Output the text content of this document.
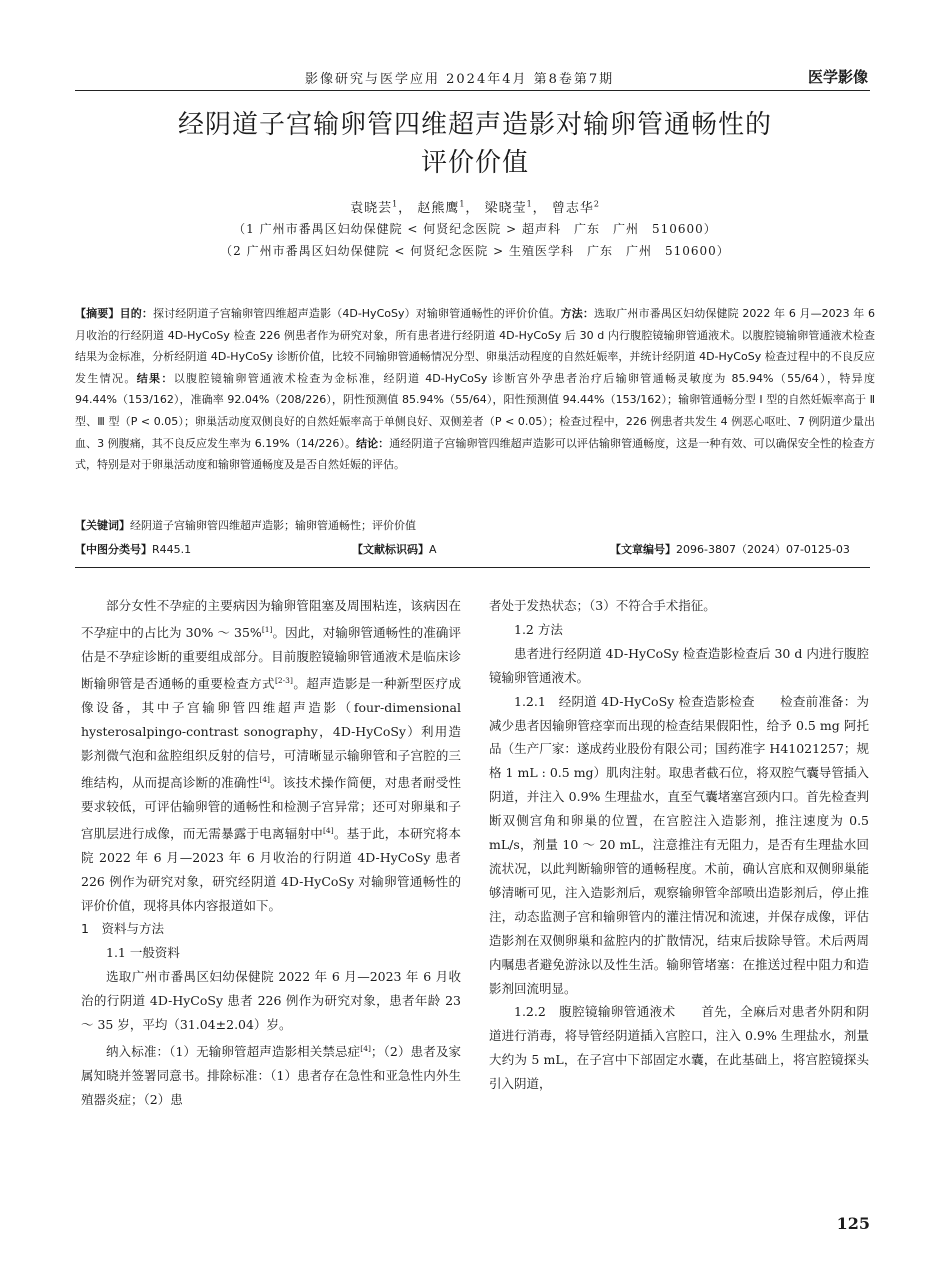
影像研究与医学应用 2024年4月 第8卷第7期	医学影像
经阴道子宫输卵管四维超声造影对输卵管通畅性的
评价价值
袁晓芸$^1$， 赵熊鹰$^1$， 梁晓莹$^1$， 曾志华$^2$
（1 广州市番禺区妇幼保健院 < 何贤纪念医院 > 超声科　广东　广州　510600）
（2 广州市番禺区妇幼保健院 < 何贤纪念医院 > 生殖医学科　广东　广州　510600）
【摘要】目的：探讨经阴道子宫输卵管四维超声造影（4D-HyCoSy）对输卵管通畅性的评价价值。方法：选取广州市番禺区妇幼保健院 2022 年 6 月—2023 年 6 月收治的行经阴道 4D-HyCoSy 检查 226 例患者作为研究对象，所有患者进行经阴道 4D-HyCoSy 后 30 d 内行腹腔镜输卵管通液术。以腹腔镜输卵管通液术检查结果为金标准，分析经阴道 4D-HyCoSy 诊断价值，比较不同输卵管通畅情况分型、卵巢活动程度的自然妊娠率，并统计经阴道 4D-HyCoSy 检查过程中的不良反应发生情况。结果：以腹腔镜输卵管通液术检查为金标准，经阴道 4D-HyCoSy 诊断宫外孕患者治疗后输卵管通畅灵敏度为 85.94%（55/64），特异度 94.44%（153/162），准确率 92.04%（208/226），阴性预测值 85.94%（55/64），阳性预测值 94.44%（153/162）；输卵管通畅分型 Ⅰ 型的自然妊娠率高于 Ⅱ 型、Ⅲ 型（P < 0.05）；卵巢活动度双侧良好的自然妊娠率高于单侧良好、双侧差者（P < 0.05）；检查过程中，226 例患者共发生 4 例恶心呕吐、7 例阴道少量出血、3 例腹痛，其不良反应发生率为 6.19%（14/226）。结论：通经阴道子宫输卵管四维超声造影可以评估输卵管通畅度，这是一种有效、可以确保安全性的检查方式，特别是对于卵巢活动度和输卵管通畅度及是否自然妊娠的评估。
【关键词】经阴道子宫输卵管四维超声造影；输卵管通畅性；评价价值
【中图分类号】R445.1	【文献标识码】A	【文章编号】2096-3807（2024）07-0125-03

部分女性不孕症的主要病因为输卵管阻塞及周围粘连，该病因在不孕症中的占比为 30% ～ 35%[1]。因此，对输卵管通畅性的准确评估是不孕症诊断的重要组成部分。目前腹腔镜输卵管通液术是临床诊断输卵管是否通畅的重要检查方式[2-3]。超声造影是一种新型医疗成像设备，其中子宫输卵管四维超声造影（four-dimensional hysterosalpingo-contrast sonography，4D-HyCoSy）利用造影剂微气泡和盆腔组织反射的信号，可清晰显示输卵管和子宫腔的三维结构，从而提高诊断的准确性[4]。该技术操作简便，对患者耐受性要求较低，可评估输卵管的通畅性和检测子宫异常；还可对卵巢和子宫肌层进行成像，而无需暴露于电离辐射中[4]。基于此，本研究将本院 2022 年 6 月—2023 年 6 月收治的行阴道 4D-HyCoSy 患者 226 例作为研究对象，研究经阴道 4D-HyCoSy 对输卵管通畅性的评价价值，现将具体内容报道如下。

1　资料与方法
1.1 一般资料

选取广州市番禺区妇幼保健院 2022 年 6 月—2023 年 6 月收治的行阴道 4D-HyCoSy 患者 226 例作为研究对象，患者年龄 23 ～ 35 岁，平均（31.04±2.04）岁。

纳入标准：（1）无输卵管超声造影相关禁忌症[4]；（2）患者及家属知晓并签署同意书。排除标准：（1）患者存在急性和亚急性内外生殖器炎症；（2）患

者处于发热状态；（3）不符合手术指征。

1.2 方法

患者进行经阴道 4D-HyCoSy 检查造影检查后 30 d 内进行腹腔镜输卵管通液术。

1.2.1　经阴道 4D-HyCoSy 检查造影检查　　检查前准备：为减少患者因输卵管痉挛而出现的检查结果假阳性，给予 0.5 mg 阿托品（生产厂家：遂成药业股份有限公司；国药准字 H41021257；规格 1 mL : 0.5 mg）肌肉注射。取患者截石位，将双腔气囊导管插入阴道，并注入 0.9% 生理盐水，直至气囊堵塞宫颈内口。首先检查判断双侧宫角和卵巢的位置，在宫腔注入造影剂，推注速度为 0.5 mL/s，剂量 10 ～ 20 mL，注意推注有无阻力，是否有生理盐水回流状况，以此判断输卵管的通畅程度。术前，确认宫底和双侧卵巢能够清晰可见，注入造影剂后，观察输卵管伞部喷出造影剂后，停止推注，动态监测子宫和输卵管内的灌注情况和流速，并保存成像，评估造影剂在双侧卵巢和盆腔内的扩散情况，结束后拔除导管。术后两周内嘱患者避免游泳以及性生活。输卵管堵塞：在推送过程中阻力和造影剂回流明显。

1.2.2　腹腔镜输卵管通液术　　首先，全麻后对患者外阴和阴道进行消毒，将导管经阴道插入宫腔口，注入 0.9% 生理盐水，剂量大约为 5 mL，在子宫中下部固定水囊，在此基础上，将宫腔镜探头引入阴道，

125
